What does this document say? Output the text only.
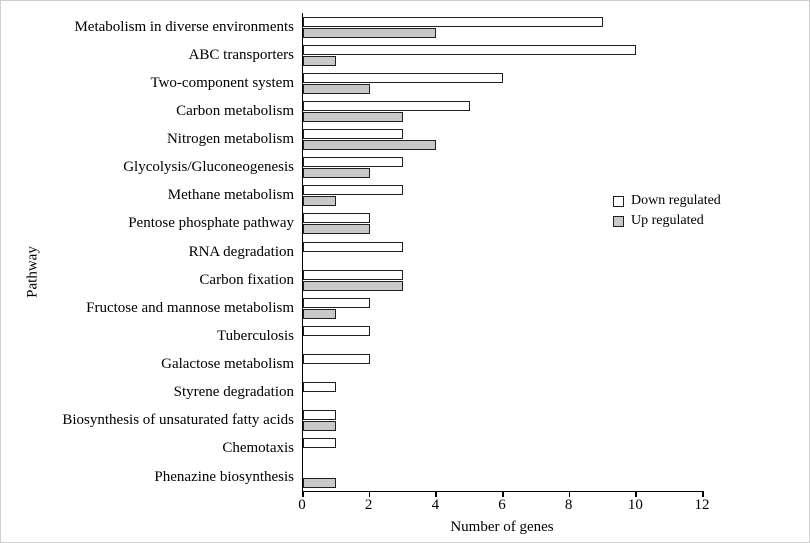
Pathway
Metabolism in diverse environments
ABC transporters
Two-component system
Carbon metabolism
Nitrogen metabolism
Glycolysis/Gluconeogenesis
Methane metabolism
Pentose phosphate pathway
RNA degradation
Carbon fixation
Fructose and mannose metabolism
Tuberculosis
Galactose metabolism
Styrene degradation
Biosynthesis of unsaturated fatty acids
Chemotaxis
Phenazine biosynthesis
0	2	4	6	8	10	12
Number of genes
Down regulated
Up regulated
